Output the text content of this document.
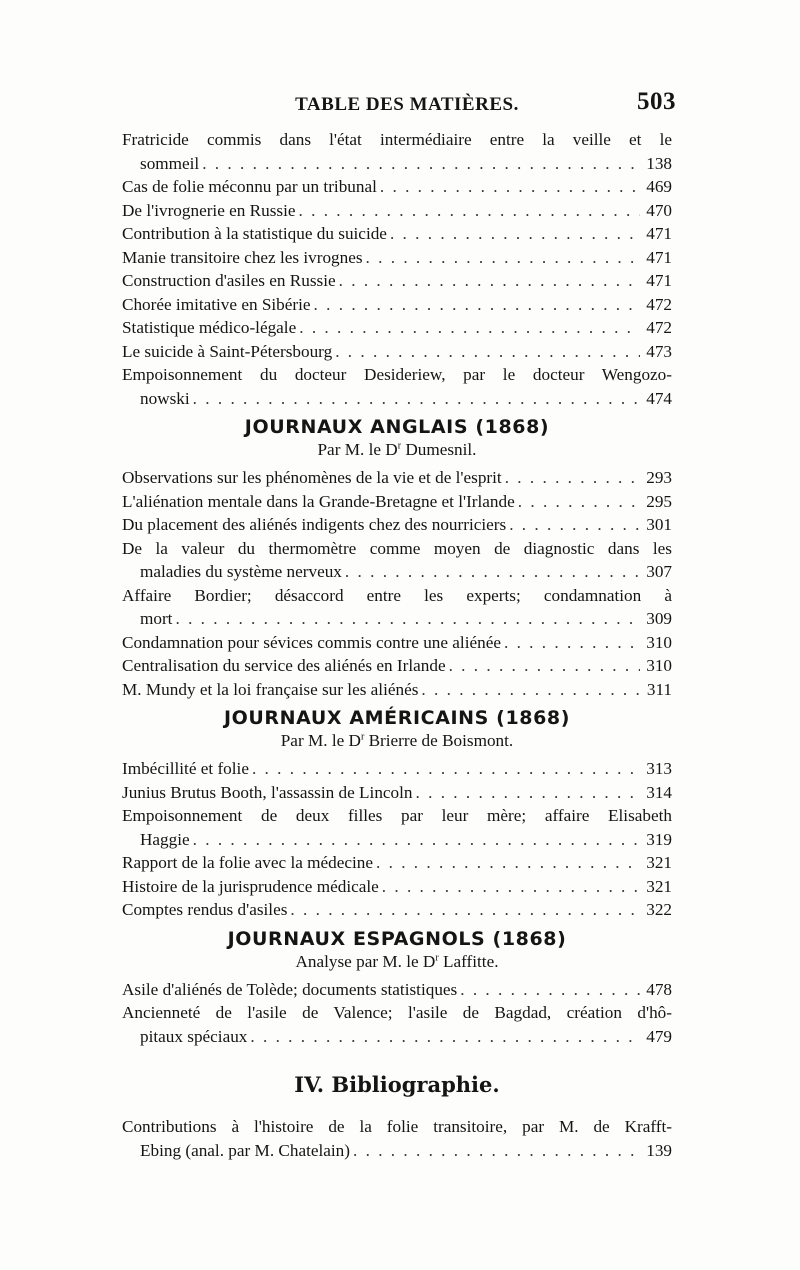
TABLE DES MATIÈRES.	503
Fratricide commis dans l'état intermédiaire entre la veille et le
sommeil . . .	138
Cas de folie méconnu par un tribunal . . .	469
De l'ivrognerie en Russie . . .	470
Contribution à la statistique du suicide . . .	471
Manie transitoire chez les ivrognes . . .	471
Construction d'asiles en Russie . . .	471
Chorée imitative en Sibérie . . .	472
Statistique médico-légale . . .	472
Le suicide à Saint-Pétersbourg . . .	473
Empoisonnement du docteur Desideriew, par le docteur Wengozo-
nowski . . .	474
JOURNAUX ANGLAIS (1868)
Par M. le $D^r$ Dumesnil.
Observations sur les phénomènes de la vie et de l'esprit . . .	293
L'aliénation mentale dans la Grande-Bretagne et l'Irlande . . .	295
Du placement des aliénés indigents chez des nourriciers . . .	301
De la valeur du thermomètre comme moyen de diagnostic dans les
maladies du système nerveux . . .	307
Affaire Bordier; désaccord entre les experts; condamnation à
mort . . .	309
Condamnation pour sévices commis contre une aliénée . . .	310
Centralisation du service des aliénés en Irlande . . .	310
M. Mundy et la loi française sur les aliénés . . .	311
JOURNAUX AMÉRICAINS (1868)
Par M. le $D^r$ Brierre de Boismont.
Imbécillité et folie . . .	313
Junius Brutus Booth, l'assassin de Lincoln . . .	314
Empoisonnement de deux filles par leur mère; affaire Elisabeth
Haggie . . .	319
Rapport de la folie avec la médecine . . .	321
Histoire de la jurisprudence médicale . . .	321
Comptes rendus d'asiles . . .	322
JOURNAUX ESPAGNOLS (1868)
Analyse par M. le $D^r$ Laffitte.
Asile d'aliénés de Tolède; documents statistiques . . .	478
Ancienneté de l'asile de Valence; l'asile de Bagdad, création d'hô-
pitaux spéciaux . . .	479
IV. Bibliographie.
Contributions à l'histoire de la folie transitoire, par M. de Krafft-
Ebing (anal. par M. Chatelain) . . .	139
